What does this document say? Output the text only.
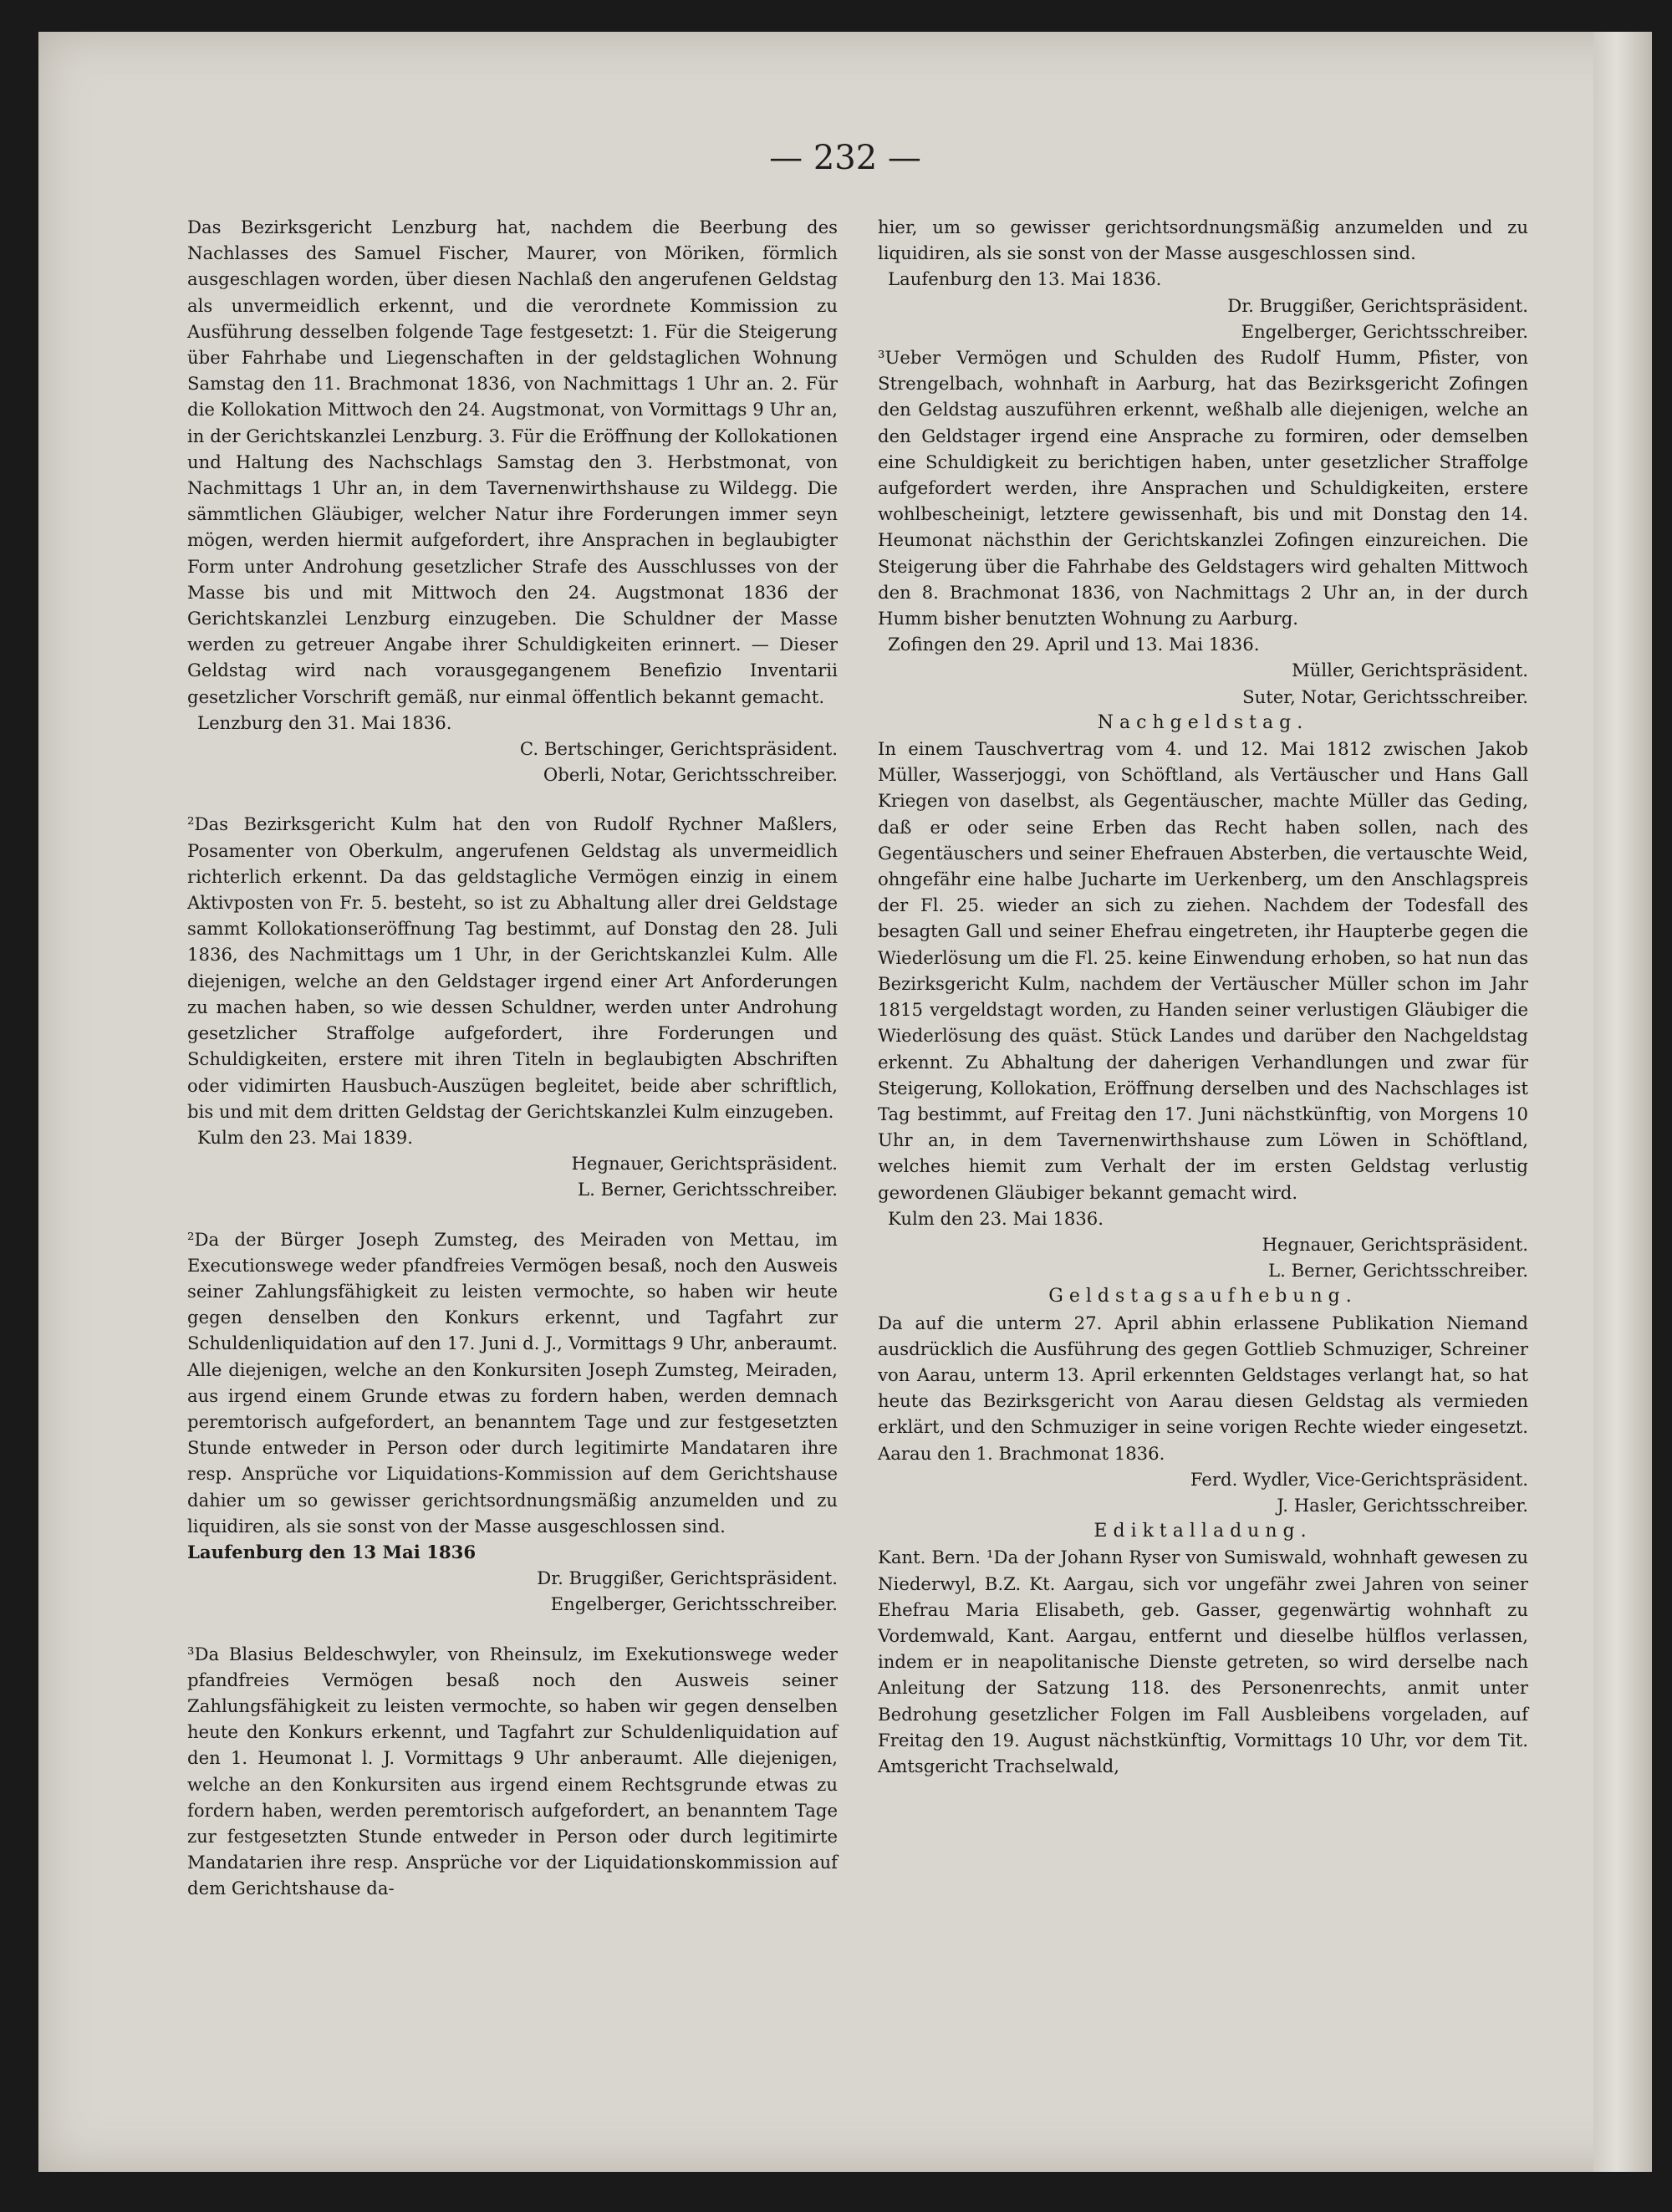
— 232 —

Das Bezirksgericht Lenzburg hat, nachdem die Beerbung des Nachlasses des Samuel Fischer, Maurer, von Möriken, förmlich ausgeschlagen worden, über diesen Nachlaß den angerufenen Geldstag als unvermeidlich erkennt, und die verordnete Kommission zu Ausführung desselben folgende Tage festgesetzt: 1. Für die Steigerung über Fahrhabe und Liegenschaften in der geldstaglichen Wohnung Samstag den 11. Brachmonat 1836, von Nachmittags 1 Uhr an. 2. Für die Kollokation Mittwoch den 24. Augstmonat, von Vormittags 9 Uhr an, in der Gerichtskanzlei Lenzburg. 3. Für die Eröffnung der Kollokationen und Haltung des Nachschlags Samstag den 3. Herbstmonat, von Nachmittags 1 Uhr an, in dem Tavernenwirthshause zu Wildegg. Die sämmtlichen Gläubiger, welcher Natur ihre Forderungen immer seyn mögen, werden hiermit aufgefordert, ihre Ansprachen in beglaubigter Form unter Androhung gesetzlicher Strafe des Ausschlusses von der Masse bis und mit Mittwoch den 24. Augstmonat 1836 der Gerichtskanzlei Lenzburg einzugeben. Die Schuldner der Masse werden zu getreuer Angabe ihrer Schuldigkeiten erinnert. — Dieser Geldstag wird nach vorausgegangenem Benefizio Inventarii gesetzlicher Vorschrift gemäß, nur einmal öffentlich bekannt gemacht.

Lenzburg den 31. Mai 1836.

C. Bertschinger, Gerichtspräsident.

Oberli, Notar, Gerichtsschreiber.

²Das Bezirksgericht Kulm hat den von Rudolf Rychner Maßlers, Posamenter von Oberkulm, angerufenen Geldstag als unvermeidlich richterlich erkennt. Da das geldstagliche Vermögen einzig in einem Aktivposten von Fr. 5. besteht, so ist zu Abhaltung aller drei Geldstage sammt Kollokationseröffnung Tag bestimmt, auf Donstag den 28. Juli 1836, des Nachmittags um 1 Uhr, in der Gerichtskanzlei Kulm. Alle diejenigen, welche an den Geldstager irgend einer Art Anforderungen zu machen haben, so wie dessen Schuldner, werden unter Androhung gesetzlicher Straffolge aufgefordert, ihre Forderungen und Schuldigkeiten, erstere mit ihren Titeln in beglaubigten Abschriften oder vidimirten Hausbuch-Auszügen begleitet, beide aber schriftlich, bis und mit dem dritten Geldstag der Gerichtskanzlei Kulm einzugeben.

Kulm den 23. Mai 1839.

Hegnauer, Gerichtspräsident.

L. Berner, Gerichtsschreiber.

²Da der Bürger Joseph Zumsteg, des Meiraden von Mettau, im Executionswege weder pfandfreies Vermögen besaß, noch den Ausweis seiner Zahlungsfähigkeit zu leisten vermochte, so haben wir heute gegen denselben den Konkurs erkennt, und Tagfahrt zur Schuldenliquidation auf den 17. Juni d. J., Vormittags 9 Uhr, anberaumt. Alle diejenigen, welche an den Konkursiten Joseph Zumsteg, Meiraden, aus irgend einem Grunde etwas zu fordern haben, werden demnach peremtorisch aufgefordert, an benanntem Tage und zur festgesetzten Stunde entweder in Person oder durch legitimirte Mandataren ihre resp. Ansprüche vor Liquidations-Kommission auf dem Gerichtshause dahier um so gewisser gerichtsordnungsmäßig anzumelden und zu liquidiren, als sie sonst von der Masse ausgeschlossen sind.

Laufenburg den 13 Mai 1836

Dr. Bruggißer, Gerichtspräsident.

Engelberger, Gerichtsschreiber.

³Da Blasius Beldeschwyler, von Rheinsulz, im Exekutionswege weder pfandfreies Vermögen besaß noch den Ausweis seiner Zahlungsfähigkeit zu leisten vermochte, so haben wir gegen denselben heute den Konkurs erkennt, und Tagfahrt zur Schuldenliquidation auf den 1. Heumonat l. J. Vormittags 9 Uhr anberaumt. Alle diejenigen, welche an den Konkursiten aus irgend einem Rechtsgrunde etwas zu fordern haben, werden peremtorisch aufgefordert, an benanntem Tage zur festgesetzten Stunde entweder in Person oder durch legitimirte Mandatarien ihre resp. Ansprüche vor der Liquidationskommission auf dem Gerichtshause da-

hier, um so gewisser gerichtsordnungsmäßig anzumelden und zu liquidiren, als sie sonst von der Masse ausgeschlossen sind.

Laufenburg den 13. Mai 1836.

Dr. Bruggißer, Gerichtspräsident.

Engelberger, Gerichtsschreiber.

³Ueber Vermögen und Schulden des Rudolf Humm, Pfister, von Strengelbach, wohnhaft in Aarburg, hat das Bezirksgericht Zofingen den Geldstag auszuführen erkennt, weßhalb alle diejenigen, welche an den Geldstager irgend eine Ansprache zu formiren, oder demselben eine Schuldigkeit zu berichtigen haben, unter gesetzlicher Straffolge aufgefordert werden, ihre Ansprachen und Schuldigkeiten, erstere wohlbescheinigt, letztere gewissenhaft, bis und mit Donstag den 14. Heumonat nächsthin der Gerichtskanzlei Zofingen einzureichen. Die Steigerung über die Fahrhabe des Geldstagers wird gehalten Mittwoch den 8. Brachmonat 1836, von Nachmittags 2 Uhr an, in der durch Humm bisher benutzten Wohnung zu Aarburg.

Zofingen den 29. April und 13. Mai 1836.

Müller, Gerichtspräsident.

Suter, Notar, Gerichtsschreiber.

Nachgeldstag.

In einem Tauschvertrag vom 4. und 12. Mai 1812 zwischen Jakob Müller, Wasserjoggi, von Schöftland, als Vertäuscher und Hans Gall Kriegen von daselbst, als Gegentäuscher, machte Müller das Geding, daß er oder seine Erben das Recht haben sollen, nach des Gegentäuschers und seiner Ehefrauen Absterben, die vertauschte Weid, ohngefähr eine halbe Jucharte im Uerkenberg, um den Anschlagspreis der Fl. 25. wieder an sich zu ziehen. Nachdem der Todesfall des besagten Gall und seiner Ehefrau eingetreten, ihr Haupterbe gegen die Wiederlösung um die Fl. 25. keine Einwendung erhoben, so hat nun das Bezirksgericht Kulm, nachdem der Vertäuscher Müller schon im Jahr 1815 vergeldstagt worden, zu Handen seiner verlustigen Gläubiger die Wiederlösung des quäst. Stück Landes und darüber den Nachgeldstag erkennt. Zu Abhaltung der daherigen Verhandlungen und zwar für Steigerung, Kollokation, Eröffnung derselben und des Nachschlages ist Tag bestimmt, auf Freitag den 17. Juni nächstkünftig, von Morgens 10 Uhr an, in dem Tavernenwirthshause zum Löwen in Schöftland, welches hiemit zum Verhalt der im ersten Geldstag verlustig gewordenen Gläubiger bekannt gemacht wird.

Kulm den 23. Mai 1836.

Hegnauer, Gerichtspräsident.

L. Berner, Gerichtsschreiber.

Geldstagsaufhebung.

Da auf die unterm 27. April abhin erlassene Publikation Niemand ausdrücklich die Ausführung des gegen Gottlieb Schmuziger, Schreiner von Aarau, unterm 13. April erkennten Geldstages verlangt hat, so hat heute das Bezirksgericht von Aarau diesen Geldstag als vermieden erklärt, und den Schmuziger in seine vorigen Rechte wieder eingesetzt. Aarau den 1. Brachmonat 1836.

Ferd. Wydler, Vice-Gerichtspräsident.

J. Hasler, Gerichtsschreiber.

Ediktalladung.

Kant. Bern. ¹Da der Johann Ryser von Sumiswald, wohnhaft gewesen zu Niederwyl, B.Z. Kt. Aargau, sich vor ungefähr zwei Jahren von seiner Ehefrau Maria Elisabeth, geb. Gasser, gegenwärtig wohnhaft zu Vordemwald, Kant. Aargau, entfernt und dieselbe hülflos verlassen, indem er in neapolitanische Dienste getreten, so wird derselbe nach Anleitung der Satzung 118. des Personenrechts, anmit unter Bedrohung gesetzlicher Folgen im Fall Ausbleibens vorgeladen, auf Freitag den 19. August nächstkünftig, Vormittags 10 Uhr, vor dem Tit. Amtsgericht Trachselwald,
